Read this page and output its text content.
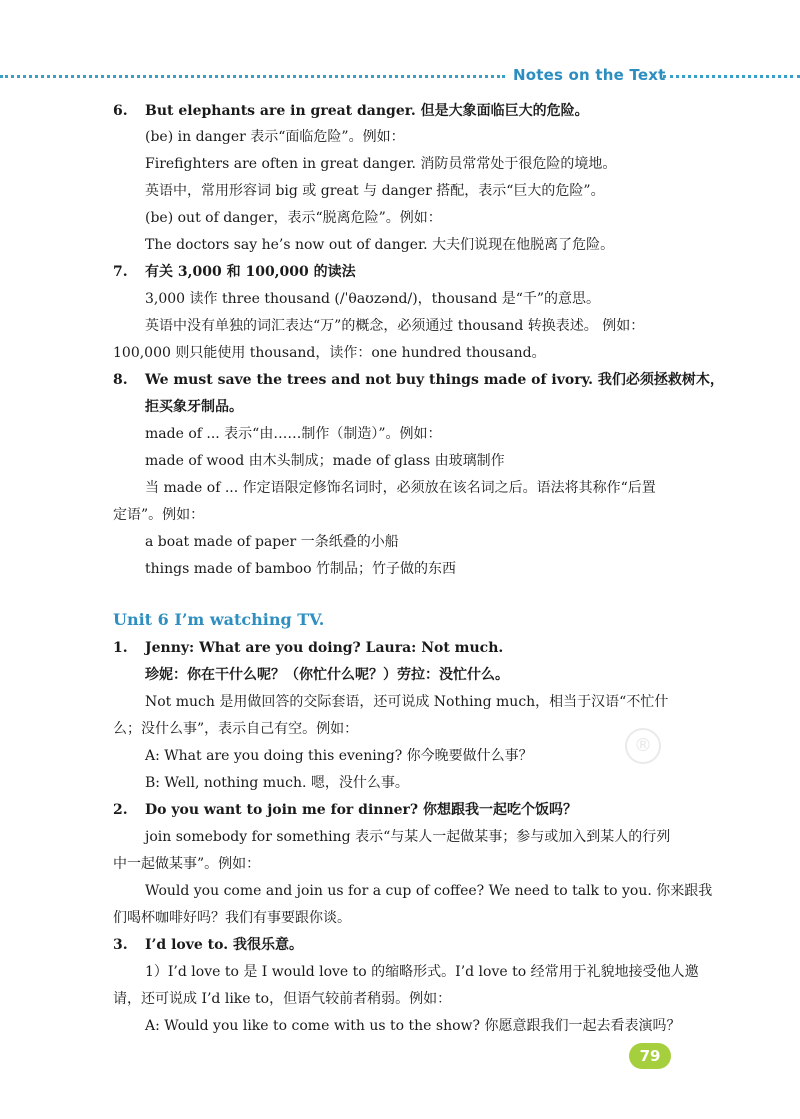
Notes on the Text
6. But elephants are in great danger. 但是大象面临巨大的危险。
(be) in danger 表示“面临危险”。例如：
Firefighters are often in great danger. 消防员常常处于很危险的境地。
英语中，常用形容词 big 或 great 与 danger 搭配，表示“巨大的危险”。
(be) out of danger，表示“脱离危险”。例如：
The doctors say he’s now out of danger. 大夫们说现在他脱离了危险。
7. 有关 3,000 和 100,000 的读法
3,000 读作 three thousand (/ˈθaʊzənd/)，thousand 是“千”的意思。
英语中没有单独的词汇表达“万”的概念，必须通过 thousand 转换表述。 例如：
100,000 则只能使用 thousand，读作：one hundred thousand。
8. We must save the trees and not buy things made of ivory. 我们必须拯救树木，
拒买象牙制品。
made of ... 表示“由……制作（制造）”。例如：
made of wood 由木头制成；made of glass 由玻璃制作
当 made of ... 作定语限定修饰名词时，必须放在该名词之后。语法将其称作“后置
定语”。例如：
a boat made of paper 一条纸叠的小船
things made of bamboo 竹制品；竹子做的东西
Unit 6 I’m watching TV.
1. Jenny: What are you doing? Laura: Not much.
珍妮：你在干什么呢？（你忙什么呢？）劳拉：没忙什么。
Not much 是用做回答的交际套语，还可说成 Nothing much，相当于汉语“不忙什
么；没什么事”，表示自己有空。例如：
A: What are you doing this evening? 你今晚要做什么事？
B: Well, nothing much. 嗯，没什么事。
2. Do you want to join me for dinner? 你想跟我一起吃个饭吗？
join somebody for something 表示“与某人一起做某事；参与或加入到某人的行列
中一起做某事”。例如：
Would you come and join us for a cup of coffee? We need to talk to you. 你来跟我
们喝杯咖啡好吗？我们有事要跟你谈。
3. I’d love to. 我很乐意。
1）I’d love to 是 I would love to 的缩略形式。I’d love to 经常用于礼貌地接受他人邀
请，还可说成 I’d like to，但语气较前者稍弱。例如：
A: Would you like to come with us to the show? 你愿意跟我们一起去看表演吗？
®
79
